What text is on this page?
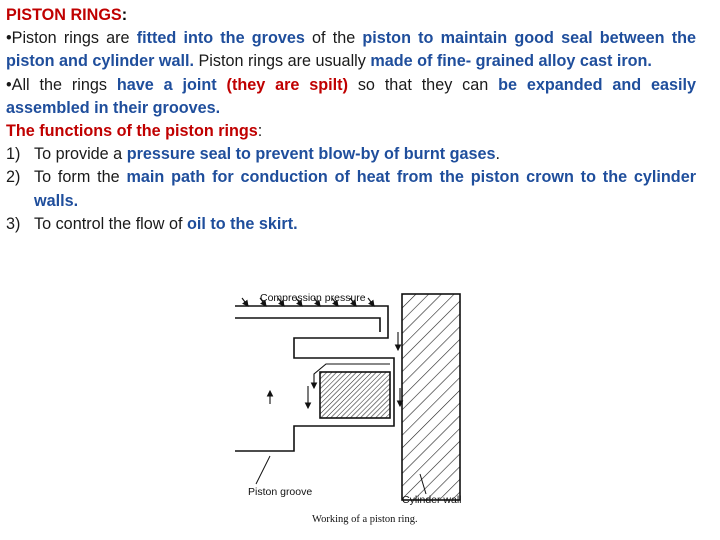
PISTON RINGS:

•Piston rings are fitted into the groves of the piston to maintain good seal between the piston and cylinder wall. Piston rings are usually made of fine- grained alloy cast iron.

•All the rings have a joint (they are spilt) so that they can be expanded and easily assembled in their grooves.

The functions of the piston rings:

1) To provide a pressure seal to prevent blow-by of burnt gases.
2) To form the main path for conduction of heat from the piston crown to the cylinder walls.
3) To control the flow of oil to the skirt.
Compression pressure
Piston groove
Cylinder wall
Working of a piston ring.
